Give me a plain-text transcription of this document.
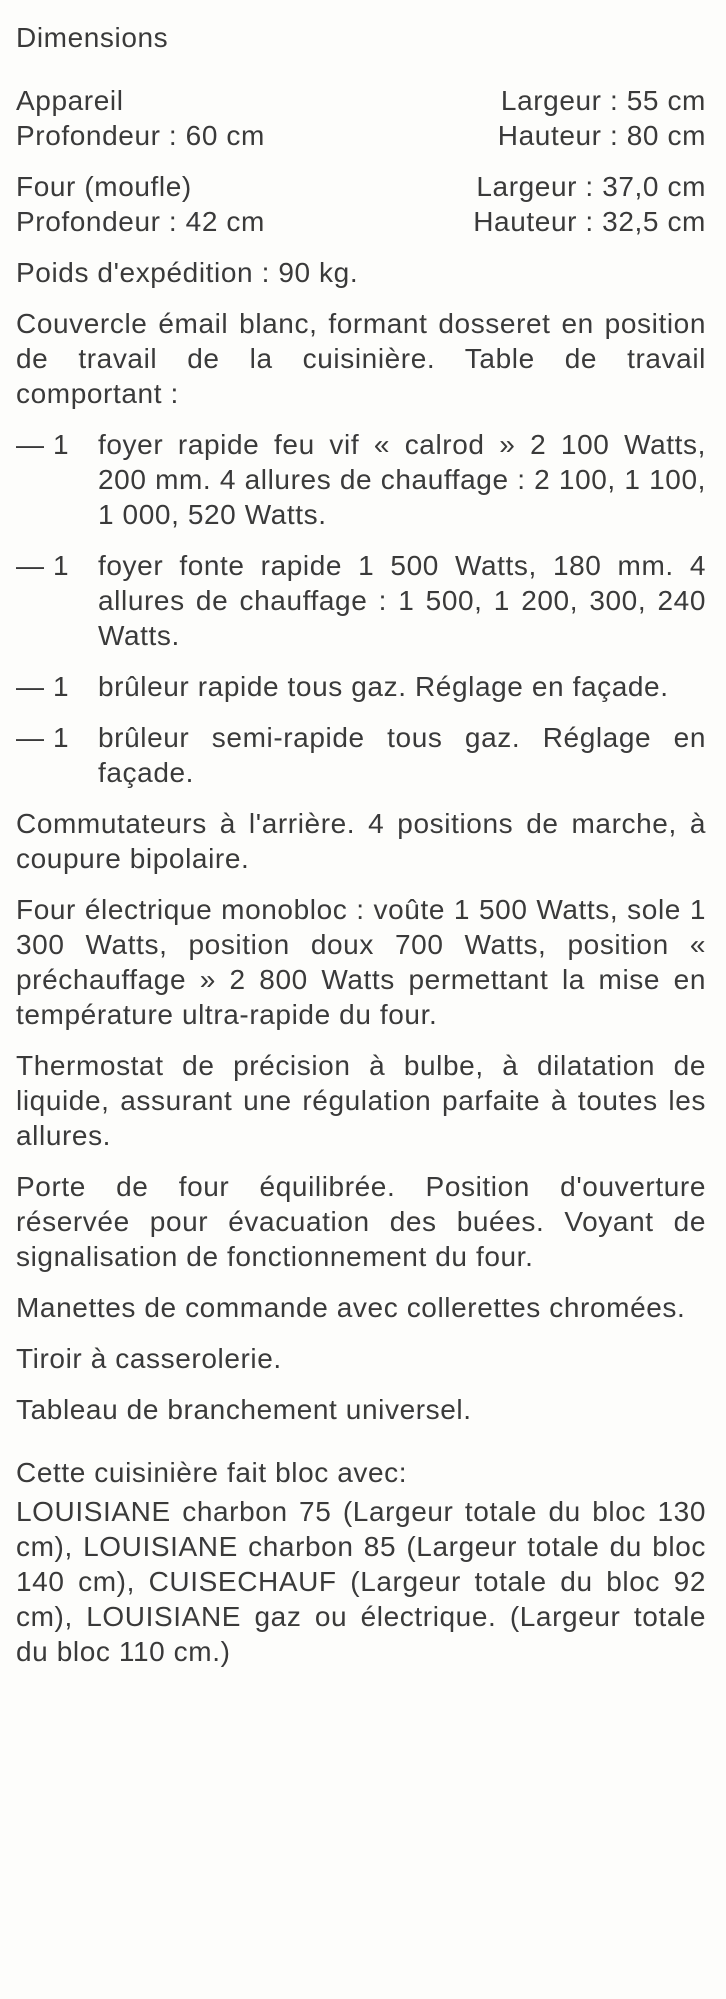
Dimensions
Appareil	Largeur : 55 cm
Profondeur : 60 cm	Hauteur : 80 cm
Four (moufle)	Largeur : 37,0 cm
Profondeur : 42 cm	Hauteur : 32,5 cm

Poids d'expédition : 90 kg.

Couvercle émail blanc, formant dosseret en position de travail de la cuisinière. Table de travail comportant :

— 1	foyer rapide feu vif « calrod » 2 100 Watts, 200 mm. 4 allures de chauffage : 2 100, 1 100, 1 000, 520 Watts.
— 1	foyer fonte rapide 1 500 Watts, 180 mm. 4 allures de chauffage : 1 500, 1 200, 300, 240 Watts.
— 1	brûleur rapide tous gaz. Réglage en façade.
— 1	brûleur semi-rapide tous gaz. Réglage en façade.

Commutateurs à l'arrière. 4 positions de marche, à coupure bipolaire.

Four électrique monobloc : voûte 1 500 Watts, sole 1 300 Watts, position doux 700 Watts, position « préchauffage » 2 800 Watts permettant la mise en température ultra-rapide du four.

Thermostat de précision à bulbe, à dilatation de liquide, assurant une régulation parfaite à toutes les allures.

Porte de four équilibrée. Position d'ouverture réservée pour évacuation des buées. Voyant de signalisation de fonctionnement du four.

Manettes de commande avec collerettes chromées.

Tiroir à casserolerie.

Tableau de branchement universel.

Cette cuisinière fait bloc avec:

LOUISIANE charbon 75 (Largeur totale du bloc 130 cm), LOUISIANE charbon 85 (Largeur totale du bloc 140 cm), CUISECHAUF (Largeur totale du bloc 92 cm), LOUISIANE gaz ou électrique. (Largeur totale du bloc 110 cm.)
